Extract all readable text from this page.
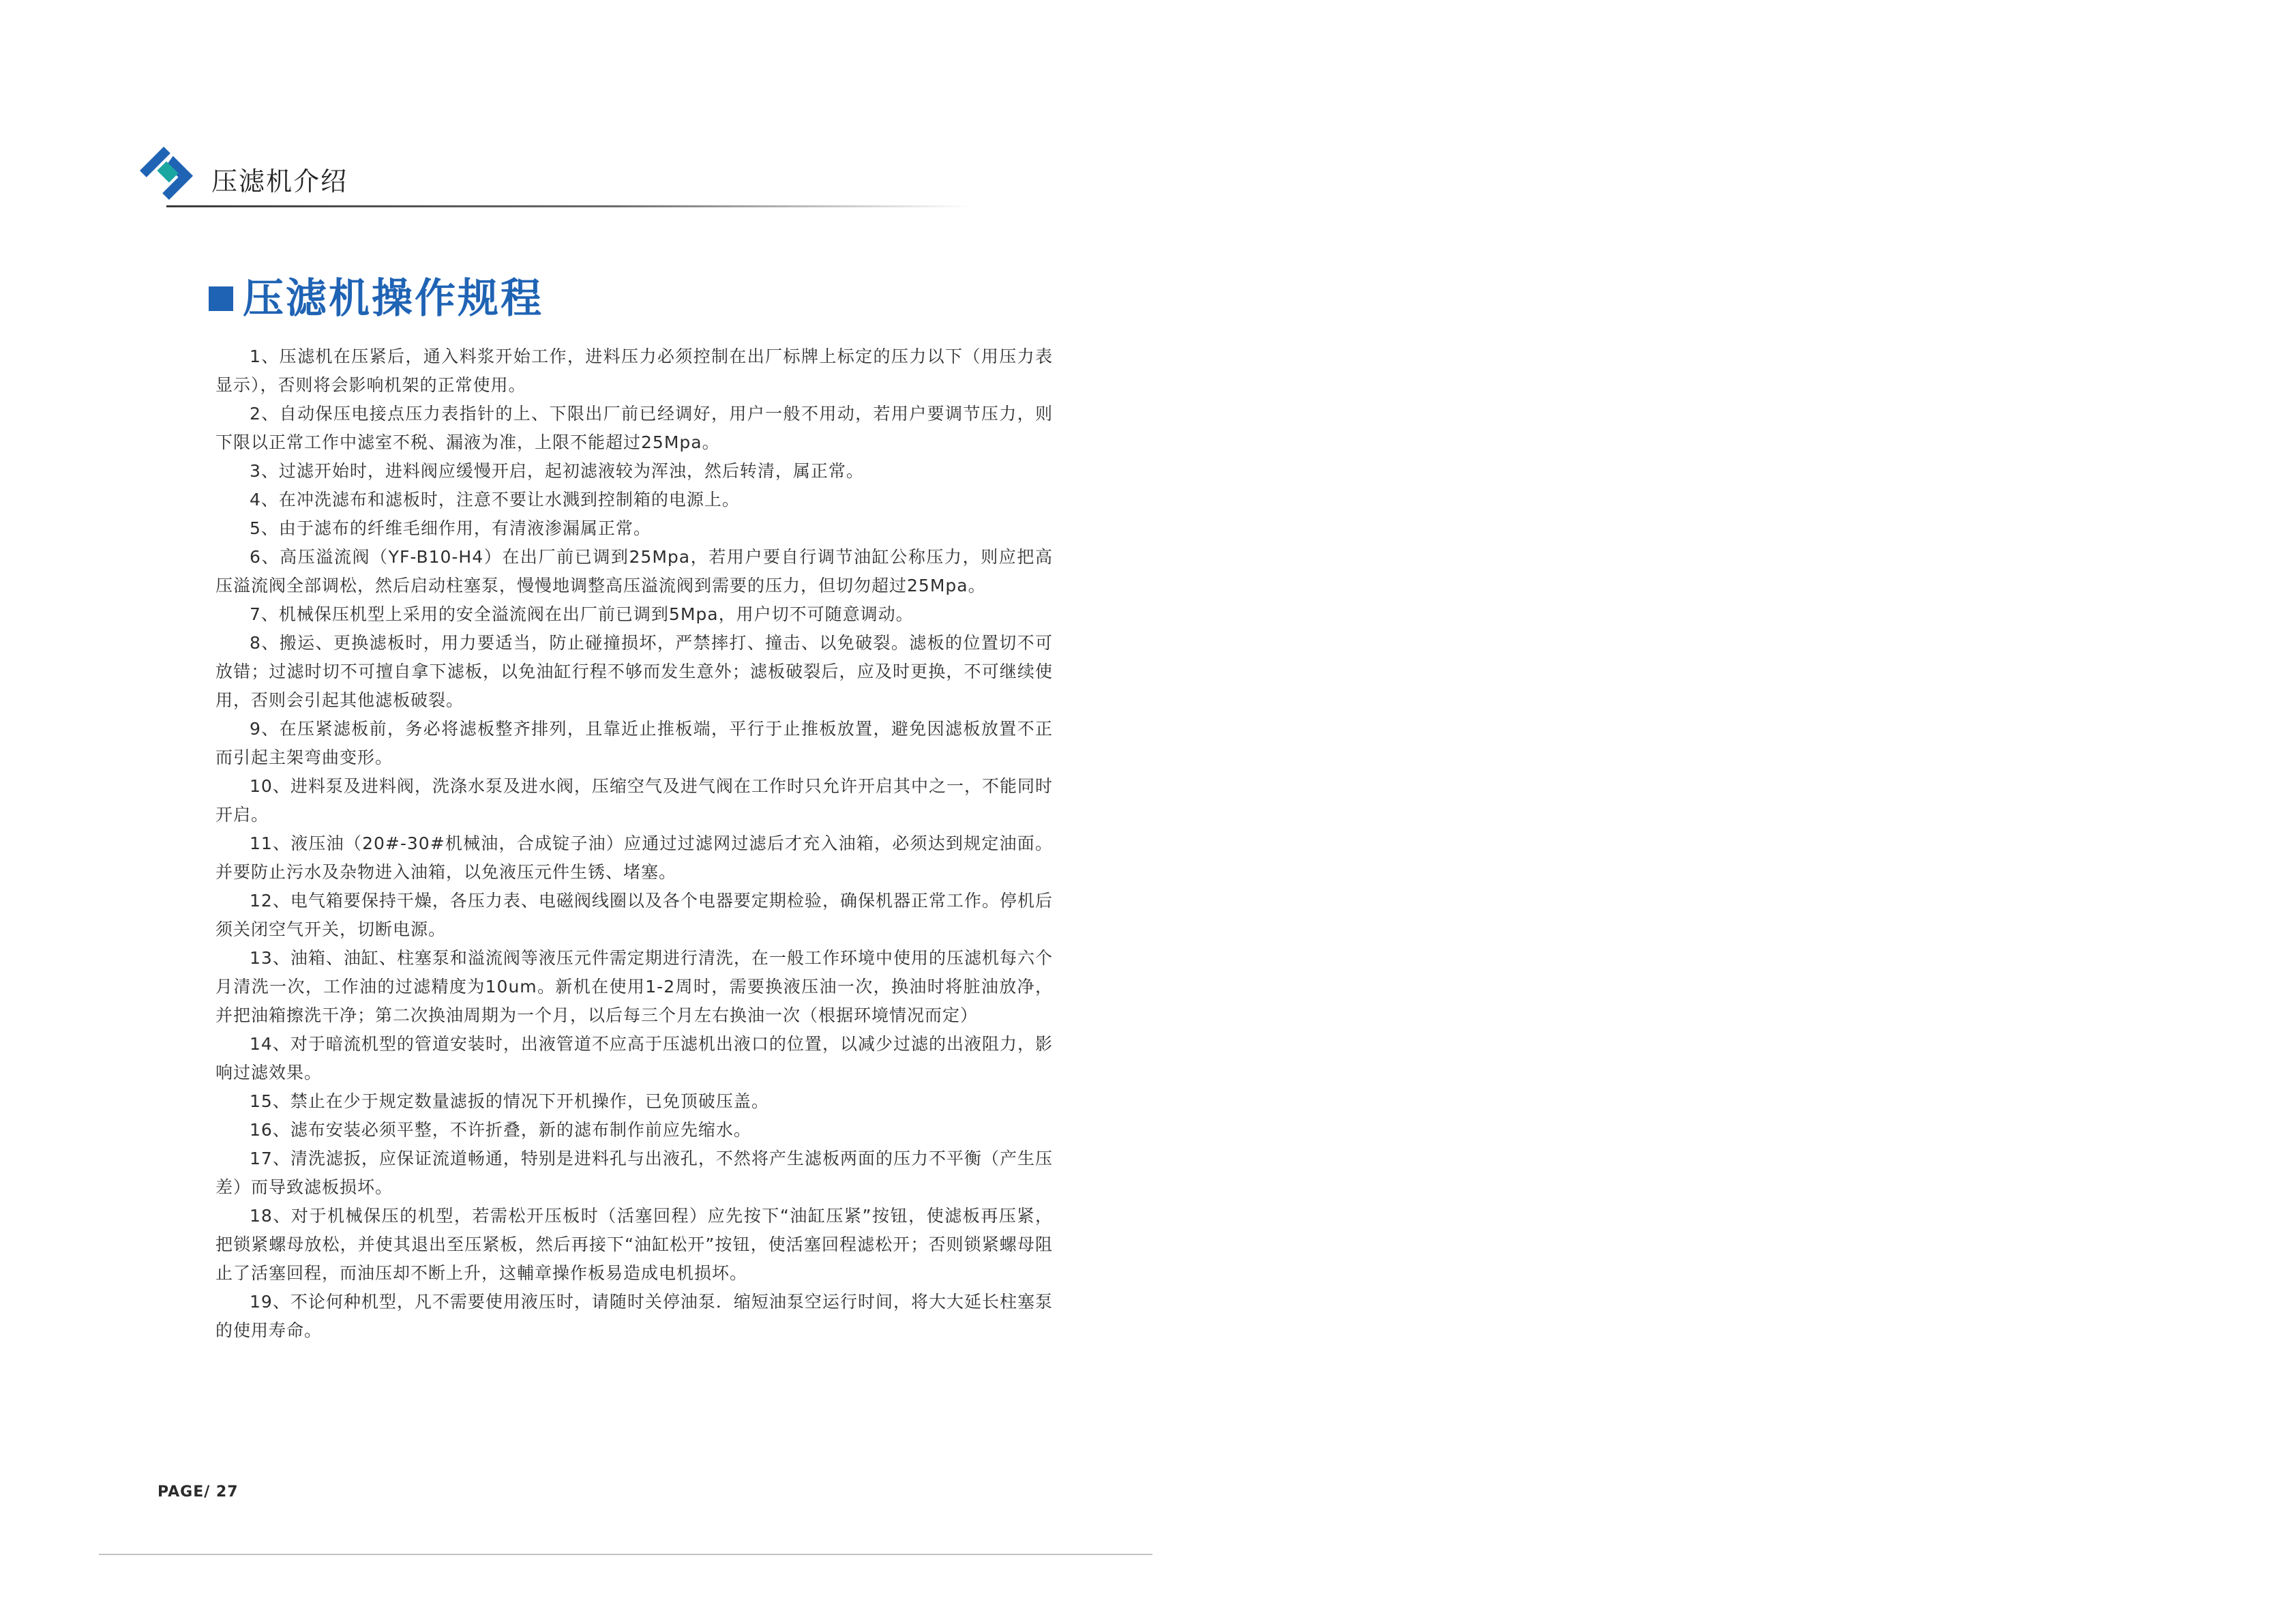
压滤机介绍
压滤机操作规程

1、压滤机在压紧后，通入料浆开始工作，进料压力必须控制在出厂标牌上标定的压力以下（用压力表显示），否则将会影响机架的正常使用。

2、自动保压电接点压力表指针的上、下限出厂前已经调好，用户一般不用动，若用户要调节压力，则下限以正常工作中滤室不税、漏液为准，上限不能超过25Mpa。

3、过滤开始时，进料阀应缓慢开启，起初滤液较为浑浊，然后转清，属正常。

4、在冲洗滤布和滤板时，注意不要让水溅到控制箱的电源上。

5、由于滤布的纤维毛细作用，有清液渗漏属正常。

6、高压溢流阀（YF-B10-H4）在出厂前已调到25Mpa，若用户要自行调节油缸公称压力，则应把高压溢流阀全部调松，然后启动柱塞泵，慢慢地调整高压溢流阀到需要的压力，但切勿超过25Mpa。

7、机械保压机型上采用的安全溢流阀在出厂前已调到5Mpa，用户切不可随意调动。

8、搬运、更换滤板时，用力要适当，防止碰撞损坏，严禁摔打、撞击、以免破裂。滤板的位置切不可放错；过滤时切不可擅自拿下滤板，以免油缸行程不够而发生意外；滤板破裂后，应及时更换，不可继续使用，否则会引起其他滤板破裂。

9、在压紧滤板前，务必将滤板整齐排列，且靠近止推板端，平行于止推板放置，避免因滤板放置不正而引起主架弯曲变形。

10、进料泵及进料阀，洗涤水泵及进水阀，压缩空气及进气阀在工作时只允许开启其中之一，不能同时开启。

11、液压油（20#-30#机械油，合成锭子油）应通过过滤网过滤后才充入油箱，必须达到规定油面。并要防止污水及杂物进入油箱，以免液压元件生锈、堵塞。

12、电气箱要保持干燥，各压力表、电磁阀线圈以及各个电器要定期检验，确保机器正常工作。停机后须关闭空气开关，切断电源。

13、油箱、油缸、柱塞泵和溢流阀等液压元件需定期进行清洗，在一般工作环境中使用的压滤机每六个月清洗一次，工作油的过滤精度为10um。新机在使用1-2周时，需要换液压油一次，换油时将脏油放净，并把油箱擦洗干净；第二次换油周期为一个月，以后每三个月左右换油一次（根据环境情况而定）

14、对于暗流机型的管道安装时，出液管道不应高于压滤机出液口的位置，以减少过滤的出液阻力，影响过滤效果。

15、禁止在少于规定数量滤扳的情况下开机操作，已免顶破压盖。

16、滤布安装必须平整，不许折叠，新的滤布制作前应先缩水。

17、清洗滤扳，应保证流道畅通，特别是进料孔与出液孔，不然将产生滤板两面的压力不平衡（产生压差）而导致滤板损坏。

18、对于机械保压的机型，若需松开压板时（活塞回程）应先按下“油缸压紧”按钮，使滤板再压紧，把锁紧螺母放松，并使其退出至压紧板，然后再接下“油缸松开”按钮，使活塞回程滤松开；否则锁紧螺母阻止了活塞回程，而油压却不断上升，这輔章操作板易造成电机损坏。

19、不论何种机型，凡不需要使用液压时，请随时关停油泵．缩短油泵空运行时间，将大大延长柱塞泵的使用寿命。

PAGE/ 27
